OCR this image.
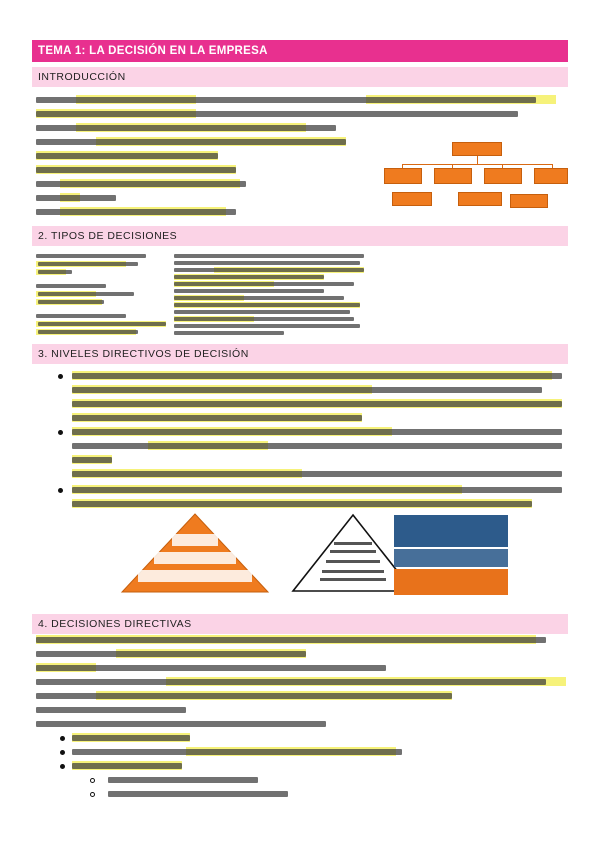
TEMA 1: LA DECISIÓN EN LA EMPRESA
INTRODUCCIÓN
2. TIPOS DE DECISIONES
3. NIVELES DIRECTIVOS DE DECISIÓN
4. DECISIONES DIRECTIVAS
